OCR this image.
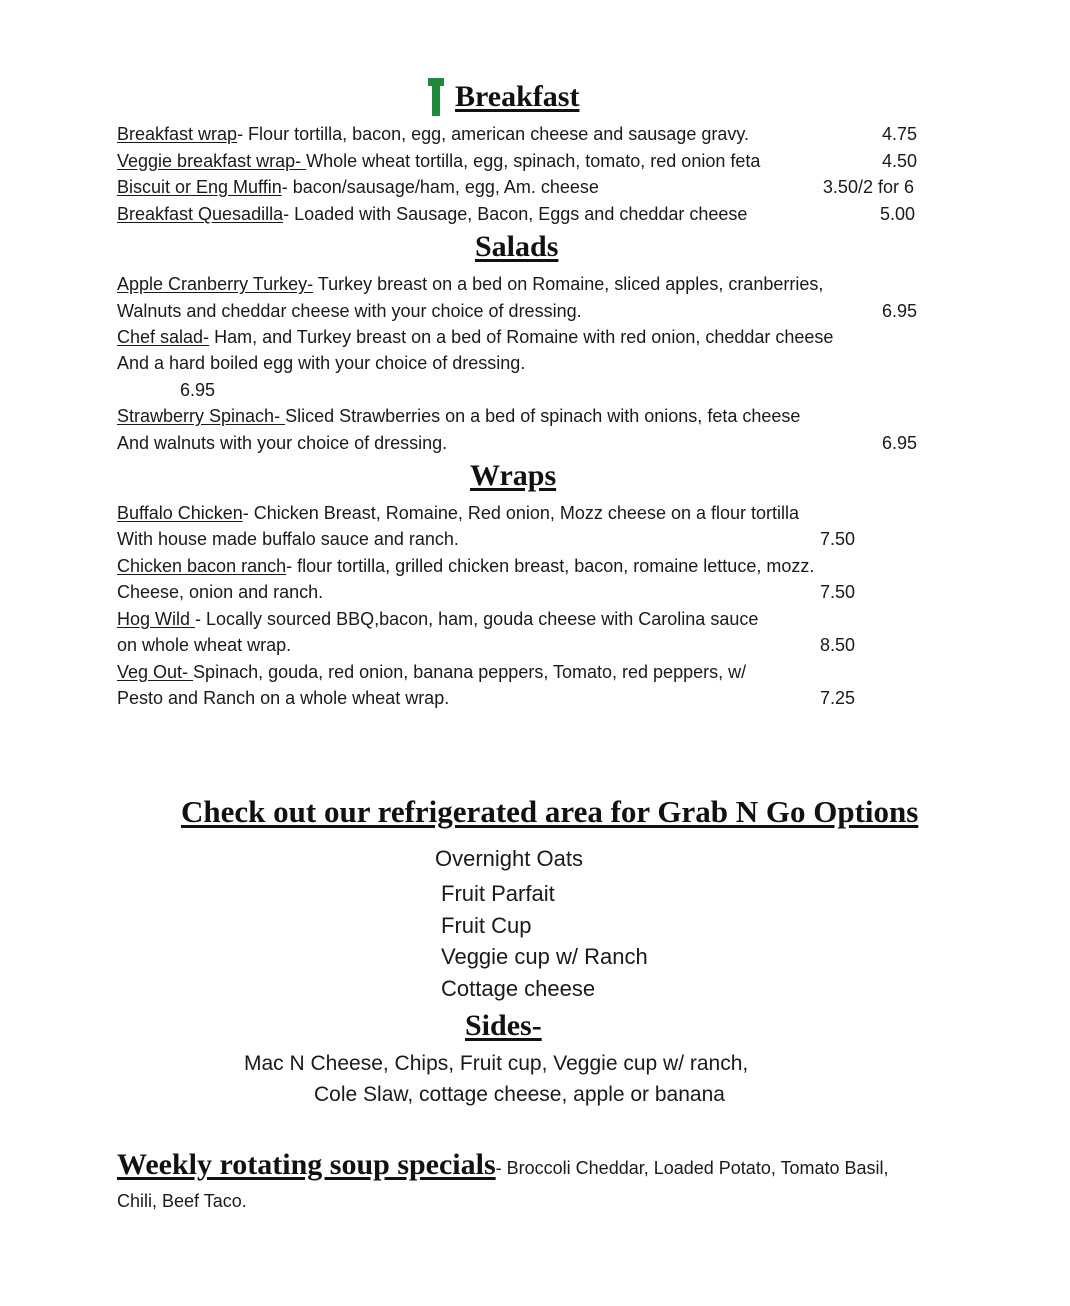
Breakfast
Breakfast wrap- Flour tortilla, bacon, egg, american cheese and sausage gravy.	4.75
Veggie breakfast wrap- Whole wheat tortilla, egg, spinach, tomato, red onion feta	4.50
Biscuit or Eng Muffin- bacon/sausage/ham, egg, Am. cheese	3.50/2 for 6
Breakfast Quesadilla- Loaded with Sausage, Bacon, Eggs and cheddar cheese	5.00
Salads
Apple Cranberry Turkey- Turkey breast on a bed on Romaine, sliced apples, cranberries,
Walnuts and cheddar cheese with your choice of dressing.	6.95
Chef salad- Ham, and Turkey breast on a bed of Romaine with red onion, cheddar cheese
And a hard boiled egg with your choice of dressing.
6.95
Strawberry Spinach- Sliced Strawberries on a bed of spinach with onions, feta cheese
And walnuts with your choice of dressing.	6.95
Wraps
Buffalo Chicken- Chicken Breast, Romaine, Red onion, Mozz cheese on a flour tortilla
With house made buffalo sauce and ranch.	7.50
Chicken bacon ranch- flour tortilla, grilled chicken breast, bacon, romaine lettuce, mozz.
Cheese, onion and ranch.	7.50
Hog Wild - Locally sourced BBQ,bacon, ham, gouda cheese with Carolina sauce
on whole wheat wrap.	8.50
Veg Out- Spinach, gouda, red onion, banana peppers, Tomato, red peppers, w/
Pesto and Ranch on a whole wheat wrap.	7.25
Check out our refrigerated area for Grab N Go Options
Overnight Oats
Fruit Parfait
Fruit Cup
Veggie cup w/ Ranch
Cottage cheese
Sides-
Mac N Cheese, Chips, Fruit cup, Veggie cup w/ ranch,
Cole Slaw, cottage cheese, apple or banana
Weekly rotating soup specials- Broccoli Cheddar, Loaded Potato, Tomato Basil,
Chili, Beef Taco.
